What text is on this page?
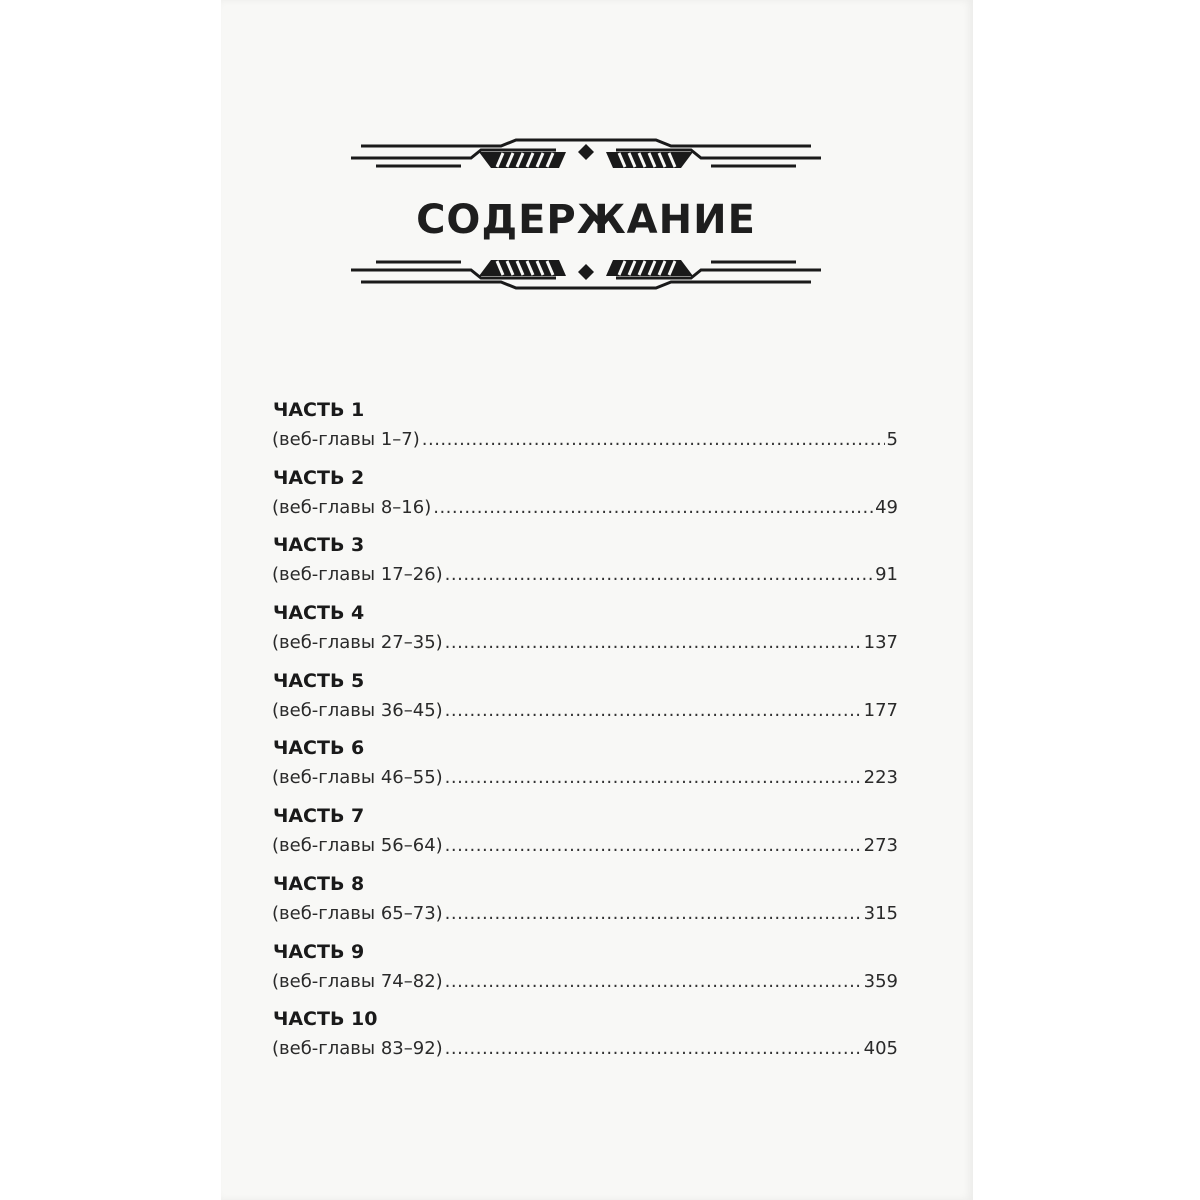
СОДЕРЖАНИЕ
ЧАСТЬ 1
(веб-главы 1–7) .....	5
ЧАСТЬ 2
(веб-главы 8–16) .....	49
ЧАСТЬ 3
(веб-главы 17–26) .....	91
ЧАСТЬ 4
(веб-главы 27–35) .....	137
ЧАСТЬ 5
(веб-главы 36–45) .....	177
ЧАСТЬ 6
(веб-главы 46–55) .....	223
ЧАСТЬ 7
(веб-главы 56–64) .....	273
ЧАСТЬ 8
(веб-главы 65–73) .....	315
ЧАСТЬ 9
(веб-главы 74–82) .....	359
ЧАСТЬ 10
(веб-главы 83–92) .....	405
